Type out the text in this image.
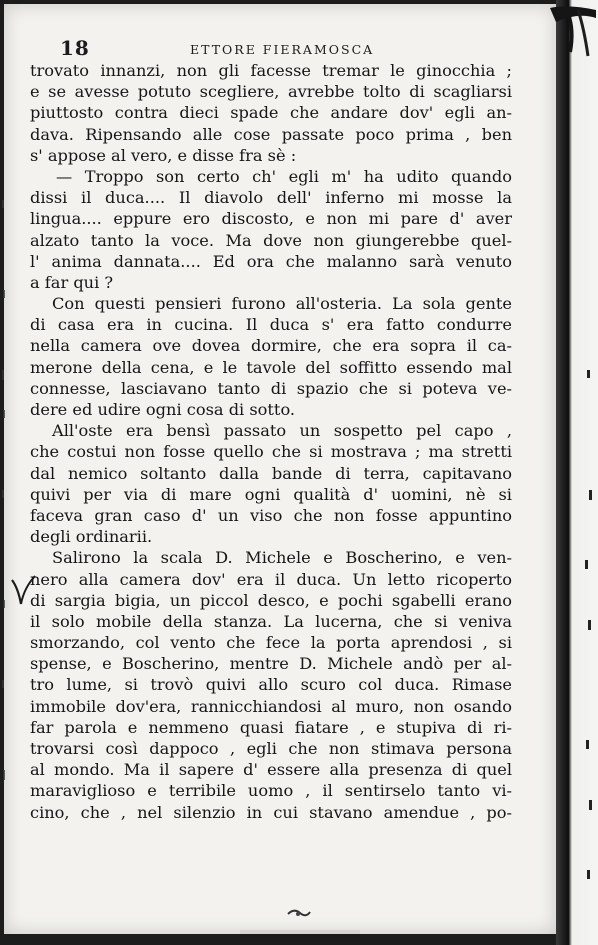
18	ETTORE FIERAMOSCA
trovato innanzi, non gli facesse tremar le ginocchia ;
e se avesse potuto scegliere, avrebbe tolto di scagliarsi
piuttosto contra dieci spade che andare dov' egli an-
dava. Ripensando alle cose passate poco prima , ben
s' appose al vero, e disse fra sè :
— Troppo son certo ch' egli m' ha udito quando
dissi il duca.... Il diavolo dell' inferno mi mosse la
lingua.... eppure ero discosto, e non mi pare d' aver
alzato tanto la voce. Ma dove non giungerebbe quel-
l' anima dannata.... Ed ora che malanno sarà venuto
a far qui ?
Con questi pensieri furono all'osteria. La sola gente
di casa era in cucina. Il duca s' era fatto condurre
nella camera ove dovea dormire, che era sopra il ca-
merone della cena, e le tavole del soffitto essendo mal
connesse, lasciavano tanto di spazio che si poteva ve-
dere ed udire ogni cosa di sotto.
All'oste era bensì passato un sospetto pel capo ,
che costui non fosse quello che si mostrava ; ma stretti
dal nemico soltanto dalla bande di terra, capitavano
quivi per via di mare ogni qualità d' uomini, nè si
faceva gran caso d' un viso che non fosse appuntino
degli ordinarii.
Salirono la scala D. Michele e Boscherino, e ven-
nero alla camera dov' era il duca. Un letto ricoperto
di sargia bigia, un piccol desco, e pochi sgabelli erano
il solo mobile della stanza. La lucerna, che si veniva
smorzando, col vento che fece la porta aprendosi , si
spense, e Boscherino, mentre D. Michele andò per al-
tro lume, si trovò quivi allo scuro col duca. Rimase
immobile dov'era, rannicchiandosi al muro, non osando
far parola e nemmeno quasi fiatare , e stupiva di ri-
trovarsi così dappoco , egli che non stimava persona
al mondo. Ma il sapere d' essere alla presenza di quel
maraviglioso e terribile uomo , il sentirselo tanto vi-
cino, che , nel silenzio in cui stavano amendue , po-
